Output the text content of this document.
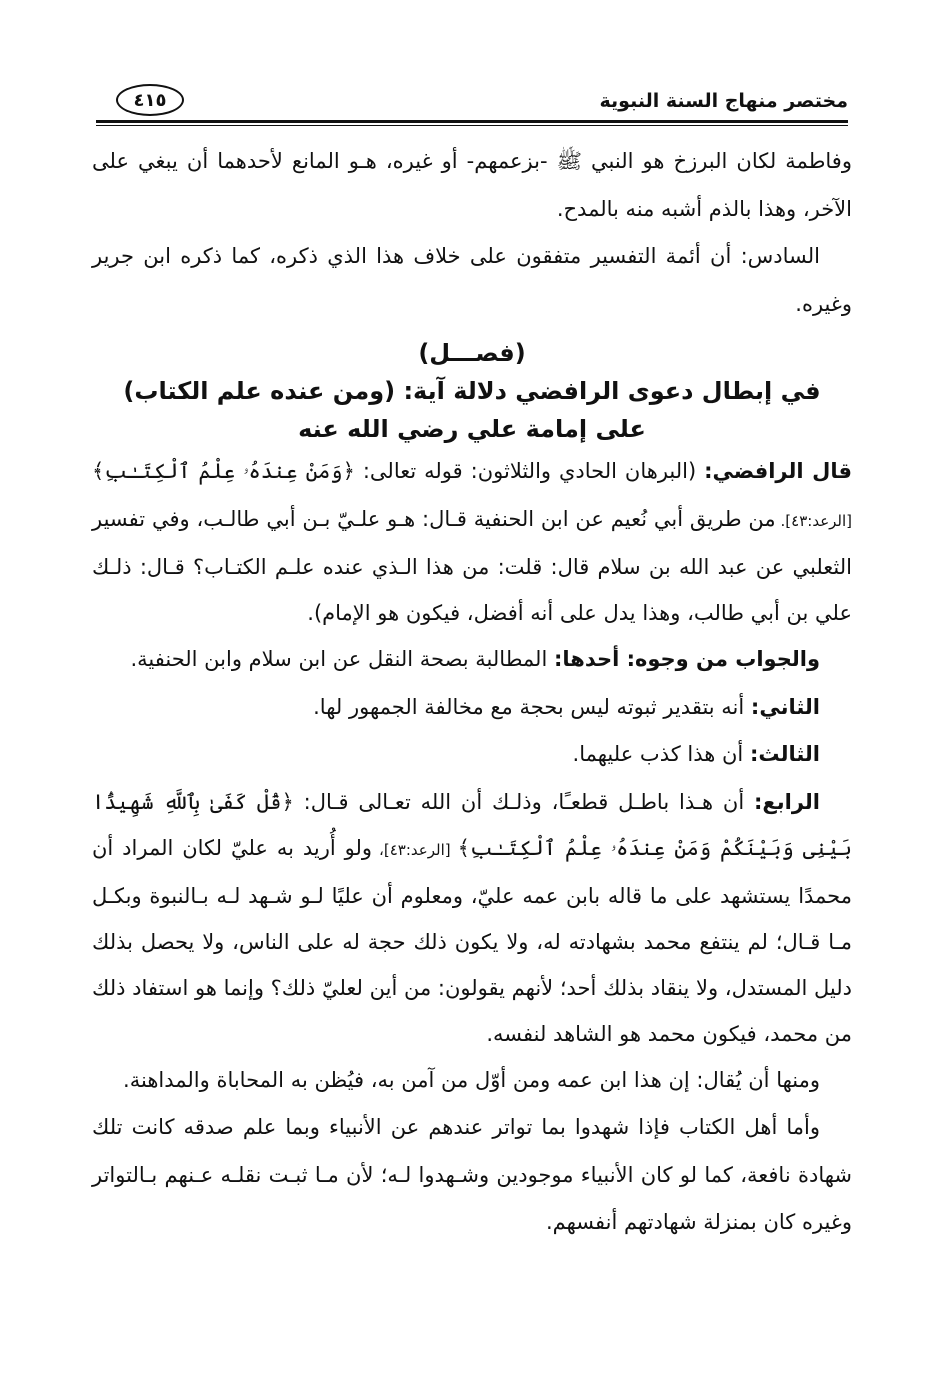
مختصر منهاج السنة النبوية
٤١٥

وفاطمة لكان البرزخ هو النبي ﷺ -بزعمهم- أو غيره، هـو المانع لأحدهما أن يبغي على الآخر، وهذا بالذم أشبه منه بالمدح.

السادس: أن أئمة التفسير متفقون على خلاف هذا الذي ذكره، كما ذكره ابن جرير وغيره.

(فصـــل)

في إبطال دعوى الرافضي دلالة آية: (ومن عنده علم الكتاب)

على إمامة علي رضي الله عنه

قال الرافضي: (البرهان الحادي والثلاثون: قوله تعالى: ﴿وَمَنْ عِندَهُۥ عِلْمُ ٱلْكِتَـٰبِ﴾ [الرعد:٤٣]. من طريق أبي نُعيم عن ابن الحنفية قـال: هـو علـيّ بـن أبي طالـب، وفي تفسير الثعلبي عن عبد الله بن سلام قال: قلت: من هذا الـذي عنده علـم الكتـاب؟ قـال: ذلـك علي بن أبي طالب، وهذا يدل على أنه أفضل، فيكون هو الإمام).

والجواب من وجوه: أحدها: المطالبة بصحة النقل عن ابن سلام وابن الحنفية.

الثاني: أنه بتقدير ثبوته ليس بحجة مع مخالفة الجمهور لها.

الثالث: أن هذا كذب عليهما.

الرابع: أن هـذا باطـل قطعـًا، وذلـك أن الله تعـالى قـال: ﴿قُلْ كَفَىٰ بِٱللَّهِ شَهِيدًۢا بَيْنِى وَبَيْنَكُمْ وَمَنْ عِندَهُۥ عِلْمُ ٱلْكِتَـٰبِ﴾ [الرعد:٤٣]، ولو أُريد به عليّ لكان المراد أن محمدًا يستشهد على ما قاله بابن عمه عليّ، ومعلوم أن عليًا لـو شـهد لـه بـالنبوة وبكـل مـا قـال؛ لم ينتفع محمد بشهادته له، ولا يكون ذلك حجة له على الناس، ولا يحصل بذلك دليل المستدل، ولا ينقاد بذلك أحد؛ لأنهم يقولون: من أين لعليّ ذلك؟ وإنما هو استفاد ذلك من محمد، فيكون محمد هو الشاهد لنفسه.

ومنها أن يُقال: إن هذا ابن عمه ومن أوّل من آمن به، فيُظن به المحاباة والمداهنة.

وأما أهل الكتاب فإذا شهدوا بما تواتر عندهم عن الأنبياء وبما علم صدقه كانت تلك شهادة نافعة، كما لو كان الأنبياء موجودين وشـهدوا لـه؛ لأن مـا ثبـت نقلـه عـنهم بـالتواتر وغيره كان بمنزلة شهادتهم أنفسهم.
